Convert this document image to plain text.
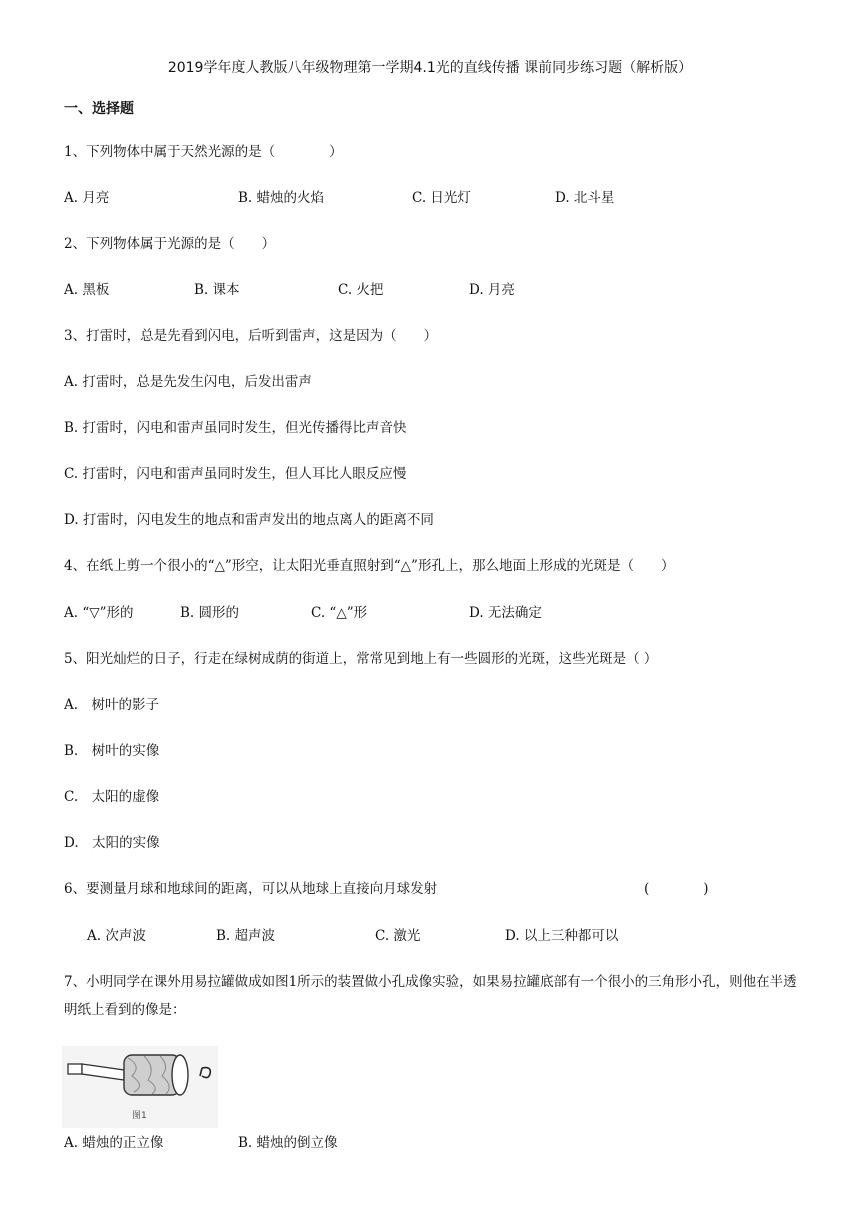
2019学年度人教版八年级物理第一学期4.1光的直线传播 课前同步练习题（解析版）
一、选择题
1、下列物体中属于天然光源的是（　　　　）
A. 月亮	B. 蜡烛的火焰	C. 日光灯	D. 北斗星
2、下列物体属于光源的是（　　）
A. 黑板	B. 课本	C. 火把	D. 月亮
3、打雷时，总是先看到闪电，后听到雷声，这是因为（　　）
A. 打雷时，总是先发生闪电，后发出雷声
B. 打雷时，闪电和雷声虽同时发生，但光传播得比声音快
C. 打雷时，闪电和雷声虽同时发生，但人耳比人眼反应慢
D. 打雷时，闪电发生的地点和雷声发出的地点离人的距离不同
4、在纸上剪一个很小的“△”形空，让太阳光垂直照射到“△”形孔上，那么地面上形成的光斑是（　　）
A. “▽”形的	B. 圆形的	C. “△”形	D. 无法确定
5、阳光灿烂的日子，行走在绿树成荫的街道上，常常见到地上有一些圆形的光斑，这些光斑是（ ）
A.　树叶的影子
B.　树叶的实像
C.　太阳的虚像
D.　太阳的实像
6、要测量月球和地球间的距离，可以从地球上直接向月球发射	(　　　　)
A. 次声波	B. 超声波	C. 激光	D. 以上三种都可以
7、小明同学在课外用易拉罐做成如图1所示的装置做小孔成像实验，如果易拉罐底部有一个很小的三角形小孔，则他在半透明纸上看到的像是：
图1
A. 蜡烛的正立像	B. 蜡烛的倒立像
